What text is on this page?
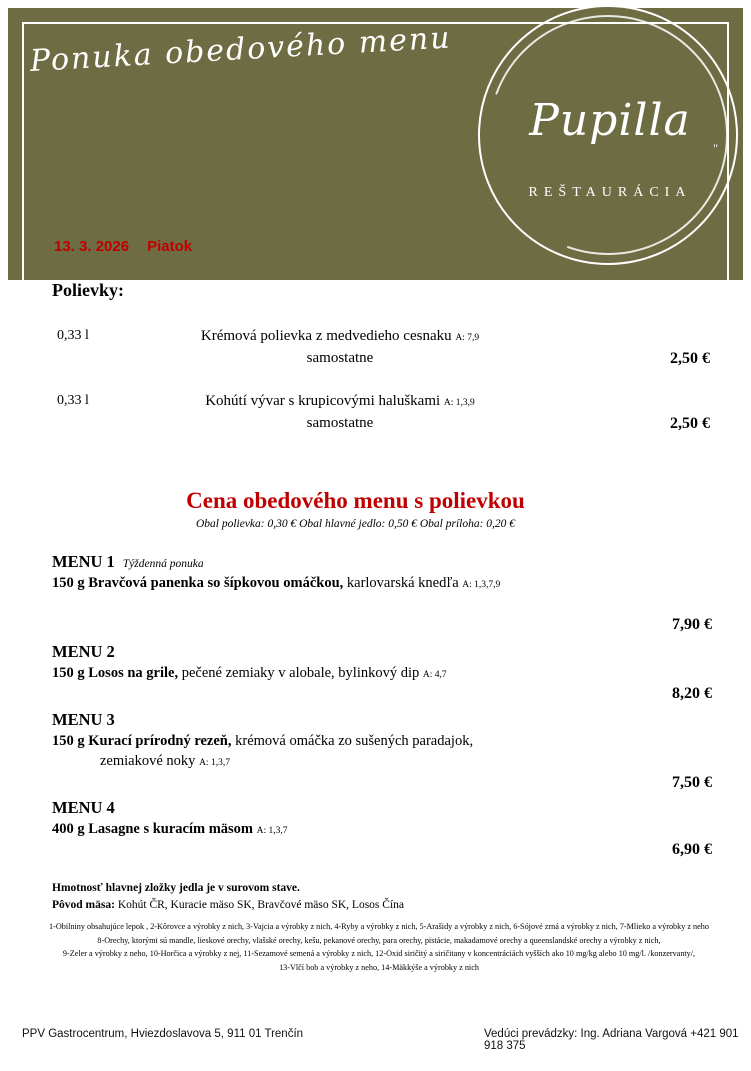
Ponuka obedového menu
Pupilla
REŠTAURÁCIA
"
13. 3. 2026 Piatok
Polievky:
0,33 l	Krémová polievka z medvedieho cesnaku A: 7,9
samostatne	2,50 €
0,33 l	Kohútí vývar s krupicovými haluškami A: 1,3,9
samostatne	2,50 €
Cena obedového menu s polievkou
Obal polievka: 0,30 € Obal hlavné jedlo: 0,50 € Obal príloha: 0,20 €
MENU 1 Týždenná ponuka
150 g Bravčová panenka so šípkovou omáčkou, karlovarská knedľa A: 1,3,7,9
7,90 €
MENU 2
150 g Losos na grile, pečené zemiaky v alobale, bylinkový dip A: 4,7
8,20 €
MENU 3
150 g Kurací prírodný rezeň, krémová omáčka zo sušených paradajok,
zemiakové noky A: 1,3,7
7,50 €
MENU 4
400 g Lasagne s kuracím mäsom A: 1,3,7
6,90 €
Hmotnosť hlavnej zložky jedla je v surovom stave.
Pôvod mäsa: Kohút ČR, Kuracie mäso SK, Bravčové mäso SK, Losos Čína
1-Obilniny obsahujúce lepok , 2-Kôrovce a výrobky z nich, 3-Vajcia a výrobky z nich, 4-Ryby a výrobky z nich, 5-Arašidy a výrobky z nich, 6-Sójové zrná a výrobky z nich, 7-Mlieko a výrobky z neho
8-Orechy, ktorými sú mandle, lieskové orechy, vlašské orechy, kešu, pekanové orechy, para orechy, pistácie, makadamové orechy a queenslandské orechy a výrobky z nich,
9-Zeler a výrobky z neho, 10-Horčica a výrobky z nej, 11-Sezamové semená a výrobky z nich, 12-Oxid siričitý a siričitany v koncentráciách vyšších ako 10 mg/kg alebo 10 mg/l. /konzervanty/,
13-Vlčí bob a výrobky z neho, 14-Mäkkýše a výrobky z nich
PPV Gastrocentrum, Hviezdoslavova 5, 911 01 Trenčín	Vedúci prevádzky: Ing. Adriana Vargová +421 901 918 375
